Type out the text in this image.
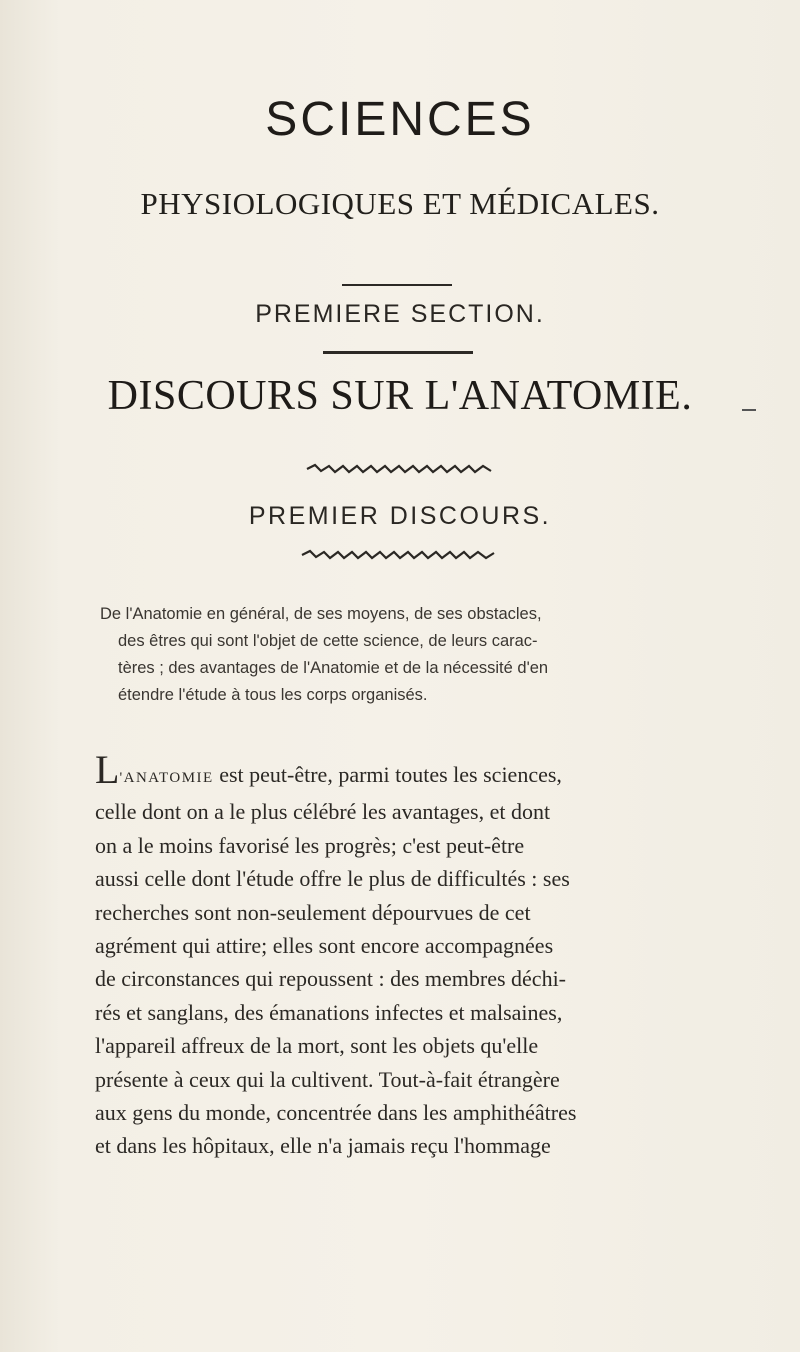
SCIENCES
PHYSIOLOGIQUES ET MÉDICALES.
PREMIERE SECTION.
DISCOURS SUR L'ANATOMIE.
PREMIER DISCOURS.
De l'Anatomie en général, de ses moyens, de ses obstacles,
des êtres qui sont l'objet de cette science, de leurs carac-
tères ; des avantages de l'Anatomie et de la nécessité d'en
étendre l'étude à tous les corps organisés.
L'ANATOMIE est peut-être, parmi toutes les sciences,
celle dont on a le plus célébré les avantages, et dont
on a le moins favorisé les progrès; c'est peut-être
aussi celle dont l'étude offre le plus de difficultés : ses
recherches sont non-seulement dépourvues de cet
agrément qui attire; elles sont encore accompagnées
de circonstances qui repoussent : des membres déchi-
rés et sanglans, des émanations infectes et malsaines,
l'appareil affreux de la mort, sont les objets qu'elle
présente à ceux qui la cultivent. Tout-à-fait étrangère
aux gens du monde, concentrée dans les amphithéâtres
et dans les hôpitaux, elle n'a jamais reçu l'hommage
